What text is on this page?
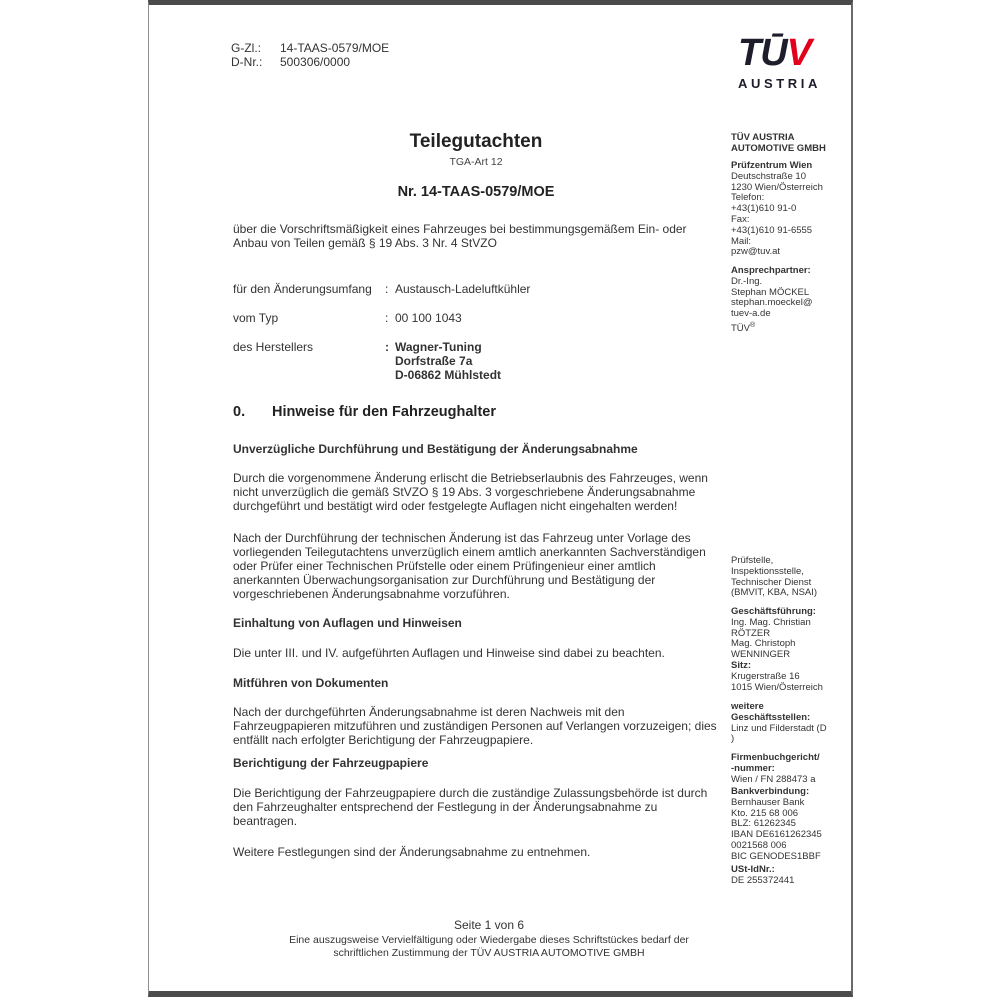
G-Zl.:	14-TAAS-0579/MOE
D-Nr.:	500306/0000	TŪV
AUSTRIA
Teilegutachten
TGA-Art 12
Nr. 14-TAAS-0579/MOE
über die Vorschriftsmäßigkeit eines Fahrzeuges bei bestimmungsgemäßem Ein- oder Anbau von Teilen gemäß § 19 Abs. 3 Nr. 4 StVZO
für den Änderungsumfang	: Austausch-Ladeluftkühler
vom Typ	: 00 100 1043
des Herstellers	: Wagner-Tuning
Dorfstraße 7a
D-06862 Mühlstedt
0.	Hinweise für den Fahrzeughalter
Unverzügliche Durchführung und Bestätigung der Änderungsabnahme
Durch die vorgenommene Änderung erlischt die Betriebserlaubnis des Fahrzeuges, wenn nicht unverzüglich die gemäß StVZO § 19 Abs. 3 vorgeschriebene Änderungsabnahme durchgeführt und bestätigt wird oder festgelegte Auflagen nicht eingehalten werden!
Nach der Durchführung der technischen Änderung ist das Fahrzeug unter Vorlage des vorliegenden Teilegutachtens unverzüglich einem amtlich anerkannten Sachverständigen oder Prüfer einer Technischen Prüfstelle oder einem Prüfingenieur einer amtlich anerkannten Überwachungsorganisation zur Durchführung und Bestätigung der vorgeschriebenen Änderungsabnahme vorzuführen.
Einhaltung von Auflagen und Hinweisen
Die unter III. und IV. aufgeführten Auflagen und Hinweise sind dabei zu beachten.
Mitführen von Dokumenten
Nach der durchgeführten Änderungsabnahme ist deren Nachweis mit den Fahrzeugpapieren mitzuführen und zuständigen Personen auf Verlangen vorzuzeigen; dies entfällt nach erfolgter Berichtigung der Fahrzeugpapiere.
Berichtigung der Fahrzeugpapiere
Die Berichtigung der Fahrzeugpapiere durch die zuständige Zulassungsbehörde ist durch den Fahrzeughalter entsprechend der Festlegung in der Änderungsabnahme zu beantragen.
Weitere Festlegungen sind der Änderungsabnahme zu entnehmen.
TÜV AUSTRIA
AUTOMOTIVE GMBH
Prüfzentrum Wien
Deutschstraße 10
1230 Wien/Österreich
Telefon:
+43(1)610 91-0
Fax:
+43(1)610 91-6555
Mail:
pzw@tuv.at
Ansprechpartner:
Dr.-Ing.
Stephan MÖCKEL
stephan.moeckel@
tuev-a.de
TÜV®
Prüfstelle,
Inspektionsstelle,
Technischer Dienst
(BMVIT, KBA, NSAI)
Geschäftsführung:
Ing. Mag. Christian
RÖTZER
Mag. Christoph
WENNINGER
Sitz:
Krugerstraße 16
1015 Wien/Österreich
weitere
Geschäftsstellen:
Linz und Filderstadt (D
)
Firmenbuchgericht/
-nummer:
Wien / FN 288473 a
Bankverbindung:
Bernhauser Bank
Kto. 215 68 006
BLZ: 61262345
IBAN DE6161262345
0021568 006
BIC GENODES1BBF
USt-IdNr.:
DE 255372441
Seite 1 von 6
Eine auszugsweise Vervielfältigung oder Wiedergabe dieses Schriftstückes bedarf der
schriftlichen Zustimmung der TÜV AUSTRIA AUTOMOTIVE GMBH
